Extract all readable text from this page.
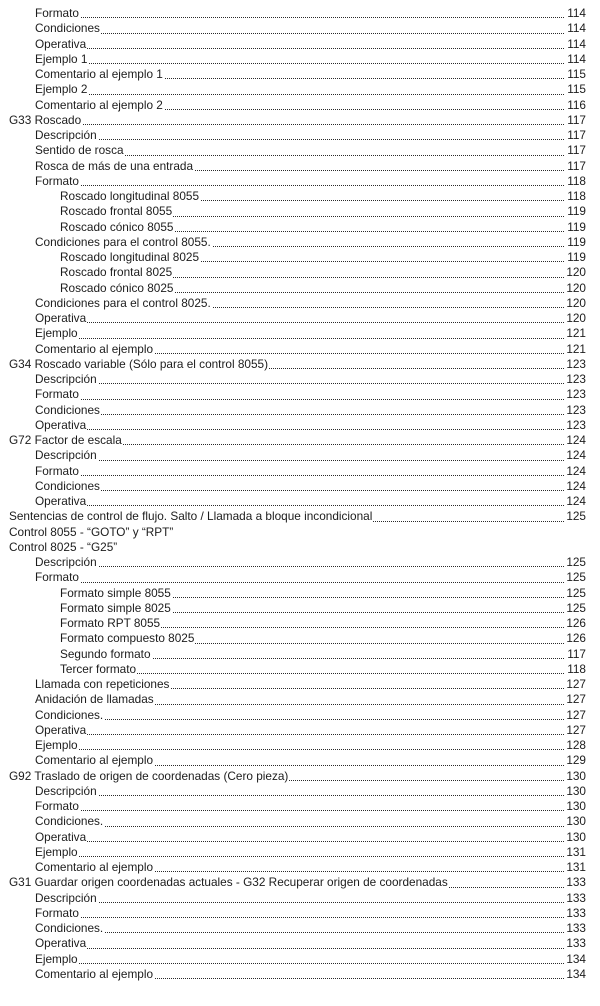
Formato	114
Condiciones	114
Operativa	114
Ejemplo 1	114
Comentario al ejemplo 1	115
Ejemplo 2	115
Comentario al ejemplo 2	116
G33 Roscado	117
Descripción	117
Sentido de rosca	117
Rosca de más de una entrada	117
Formato	118
Roscado longitudinal 8055	118
Roscado frontal 8055	119
Roscado cónico 8055	119
Condiciones para el control 8055.	119
Roscado longitudinal 8025	119
Roscado frontal 8025	120
Roscado cónico 8025	120
Condiciones para el control 8025.	120
Operativa	120
Ejemplo	121
Comentario al ejemplo	121
G34 Roscado variable (Sólo para el control 8055)	123
Descripción	123
Formato	123
Condiciones	123
Operativa	123
G72 Factor de escala	124
Descripción	124
Formato	124
Condiciones	124
Operativa	124
Sentencias de control de flujo. Salto / Llamada a bloque incondicional	125
Control 8055 - “GOTO” y “RPT”
Control 8025 - “G25”
Descripción	125
Formato	125
Formato simple 8055	125
Formato simple 8025	125
Formato RPT 8055	126
Formato compuesto 8025	126
Segundo formato	117
Tercer formato	118
Llamada con repeticiones	127
Anidación de llamadas	127
Condiciones.	127
Operativa	127
Ejemplo	128
Comentario al ejemplo	129
G92 Traslado de origen de coordenadas (Cero pieza)	130
Descripción	130
Formato	130
Condiciones.	130
Operativa	130
Ejemplo	131
Comentario al ejemplo	131
G31 Guardar origen coordenadas actuales - G32 Recuperar origen de coordenadas	133
Descripción	133
Formato	133
Condiciones.	133
Operativa	133
Ejemplo	134
Comentario al ejemplo	134
